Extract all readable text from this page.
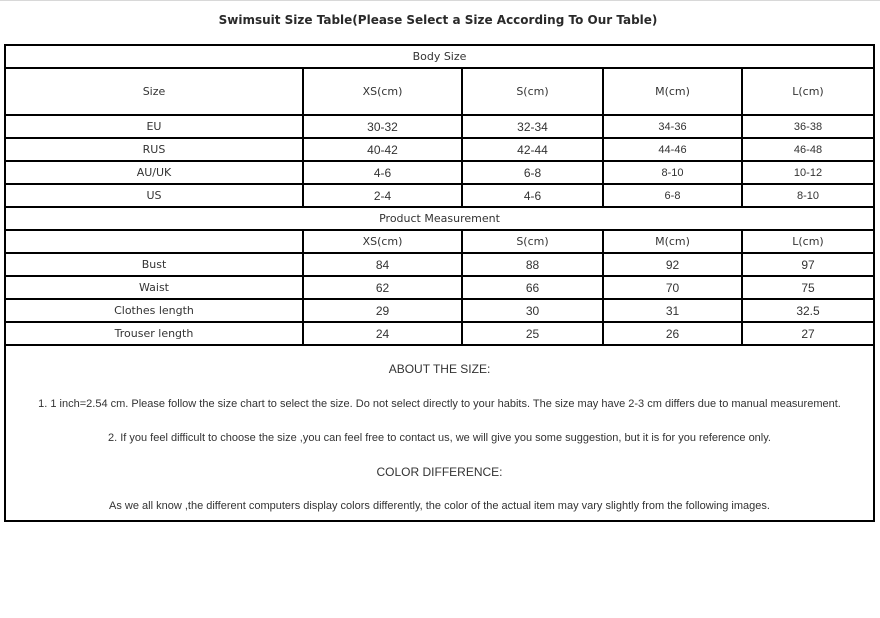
Swimsuit Size Table(Please Select a Size According To Our Table)
Body Size				
Size	XS(cm)	S(cm)	M(cm)	L(cm)
EU	30-32	32-34	34-36	36-38
RUS	40-42	42-44	44-46	46-48
AU/UK	4-6	6-8	8-10	10-12
US	2-4	4-6	6-8	8-10
Product Measurement				
	XS(cm)	S(cm)	M(cm)	L(cm)
Bust	84	88	92	97
Waist	62	66	70	75
Clothes length	29	30	31	32.5
Trouser length	24	25	26	27

ABOUT THE SIZE:
1. 1 inch=2.54 cm. Please follow the size chart to select the size. Do not select directly to your habits. The size may have 2-3 cm differs due to manual measurement.
2. If you feel difficult to choose the size ,you can feel free to contact us, we will give you some suggestion, but it is for you reference only.
COLOR DIFFERENCE:
As we all know ,the different computers display colors differently, the color of the actual item may vary slightly from the following images.				
